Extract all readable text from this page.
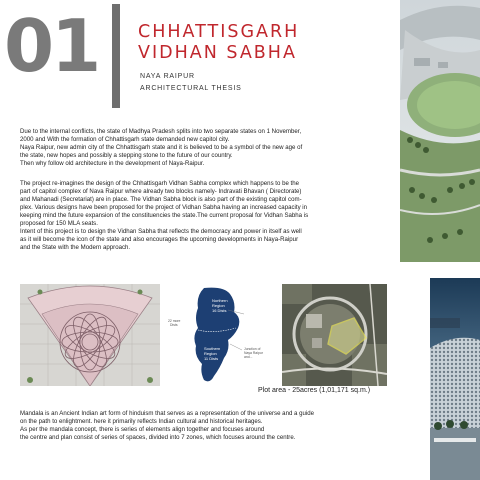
01 CHHATTISGARH
VIDHAN SABHA
NAYA RAIPUR
ARCHITECTURAL THESIS

Due to the internal conflicts, the state of Madhya Pradesh splits into two separate states on 1 November,

2000 and With the formation of Chhattisgarh state demanded new capitol city.

Naya Raipur, new admin city of the Chhattisgarh state and it is believed to be a symbol of the new age of

the state, new hopes and possibly a stepping stone to the future of our country.

Then why follow old architecture in the development of Naya-Raipur.

The project re-imagines the design of the Chhattisgarh Vidhan Sabha complex which happens to be the

part of capitol complex of Nava Raipur where already two blocks namely- Indravati Bhavan ( Directorate)

and Mahanadi (Secretariat) are in place. The Vidhan Sabha block is also part of the existing capitol com-

plex. Various designs have been proposed for the project of Vidhan Sabha having an increased capacity in

keeping mind the future expansion of the constituencies the state.The current proposal for Vidhan Sabha is

proposed for 150 MLA seats.

Intent of this project is to design the Vidhan Sabha that reflects the democracy and power in itself as well

as it will become the icon of the state and also encourages the upcoming developments in Naya-Raipur

and the State with the Modern approach.

Northern
Region
16 Dists
Southern
Region
11 Dists
22 more
Dists
Junction of
Naya Raipur
and...
Plot area - 25acres (1,01,171 sq.m.)

Mandala is an Ancient Indian art form of hinduism that serves as a representation of the universe and a guide

on the path to enlightment. here it primarily reflects Indian cultural and historical heritages.

As per the mandala concept, there is series of elements align together and focuses around

the centre and plan consist of series of spaces, divided into 7 zones, which focuses around the centre.
